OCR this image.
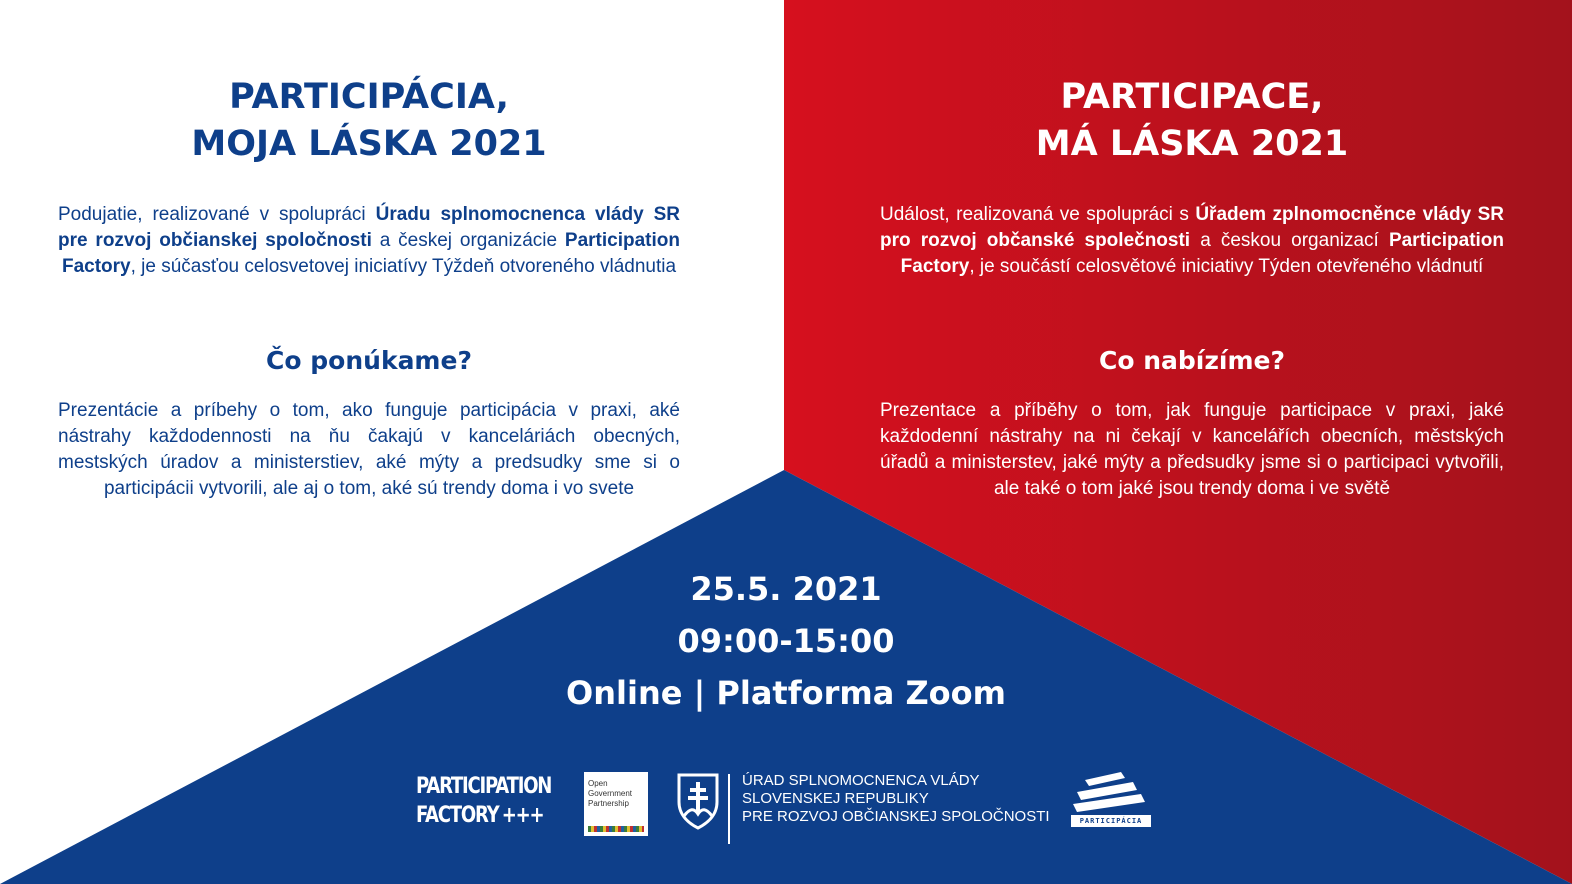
PARTICIPÁCIA,
MOJA LÁSKA 2021

Podujatie, realizované v spolupráci Úradu splnomocnenca vlády SR pre rozvoj občianskej spoločnosti a českej organizácie Participation Factory, je súčasťou celosvetovej iniciatívy Týždeň otvoreného vládnutia

Čo ponúkame?

Prezentácie a príbehy o tom, ako funguje participácia v praxi, aké nástrahy každodennosti na ňu čakajú v kanceláriách obecných, mestských úradov a ministerstiev, aké mýty a predsudky sme si o participácii vytvorili, ale aj o tom, aké sú trendy doma i vo svete

PARTICIPACE,
MÁ LÁSKA 2021

Událost, realizovaná ve spolupráci s Úřadem zplnomocněnce vlády SR pro rozvoj občanské společnosti a českou organizací Participation Factory, je součástí celosvětové iniciativy Týden otevřeného vládnutí

Co nabízíme?

Prezentace a příběhy o tom, jak funguje participace v praxi, jaké každodenní nástrahy na ni čekají v kancelářích obecních, městských úřadů a ministerstev, jaké mýty a předsudky jsme si o participaci vytvořili, ale také o tom jaké jsou trendy doma i ve světě

25.5. 2021
09:00-15:00
Online | Platforma Zoom
PARTICIPATION
FACTORY +++
Open
Government
Partnership
ÚRAD SPLNOMOCNENCA VLÁDY
SLOVENSKEJ REPUBLIKY
PRE ROZVOJ OBČIANSKEJ SPOLOČNOSTI	PARTICIPÁCIA
